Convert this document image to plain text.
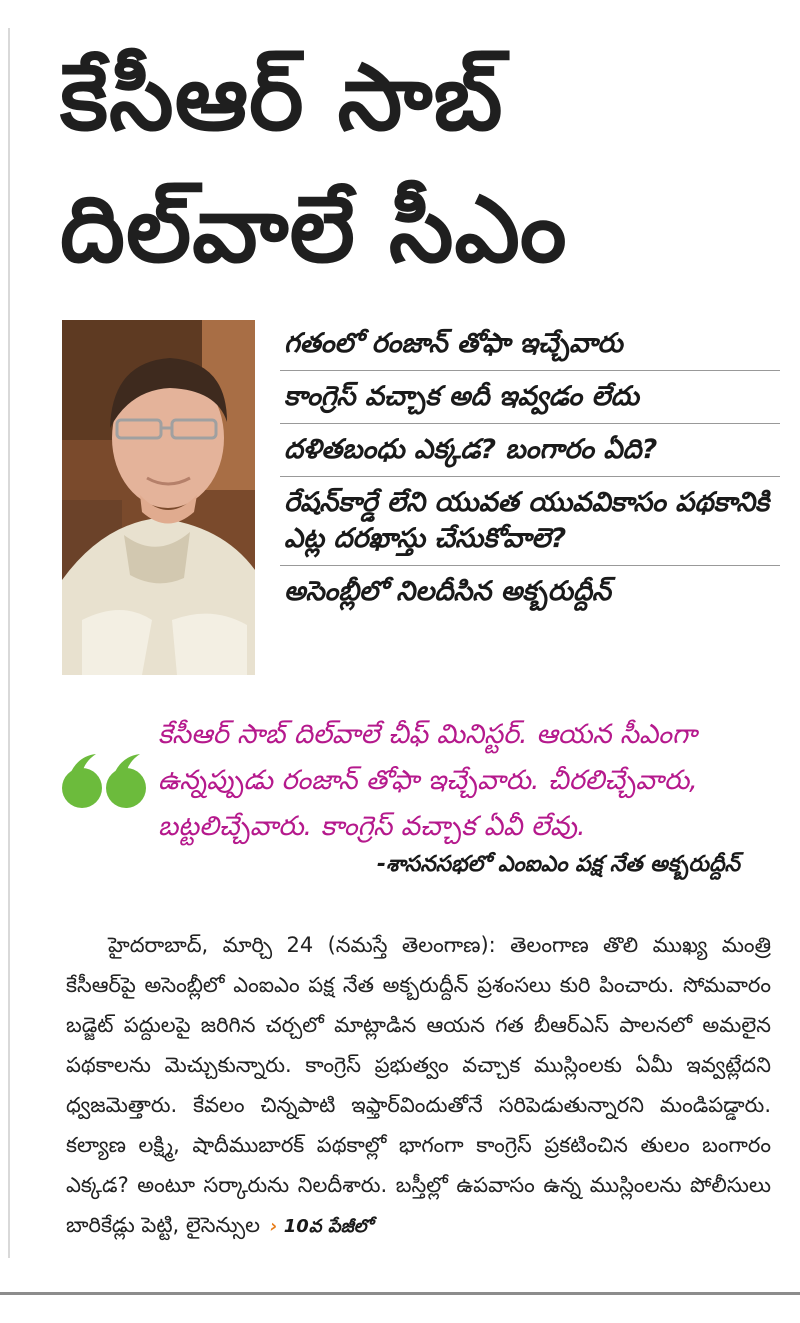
కేసీఆర్ సాబ్
దిల్‌వాలే సీఎం
గతంలో రంజాన్ తోఫా ఇచ్చేవారు
కాంగ్రెస్ వచ్చాక అదీ ఇవ్వడం లేదు
దళితబంధు ఎక్కడ? బంగారం ఏది?
రేషన్‌కార్డే లేని యువత యువవికాసం పథకానికి ఎట్ల దరఖాస్తు చేసుకోవాలె?
అసెంబ్లీలో నిలదీసిన అక్బరుద్దీన్
కేసీఆర్ సాబ్ దిల్‌వాలే చీఫ్ మినిస్టర్. ఆయన సీఎంగా ఉన్నప్పుడు రంజాన్ తోఫా ఇచ్చేవారు. చీరలిచ్చేవారు, బట్టలిచ్చేవారు. కాంగ్రెస్ వచ్చాక ఏవీ లేవు.
-శాసనసభలో ఎంఐఎం పక్ష నేత అక్బరుద్దీన్
హైదరాబాద్, మార్చి 24 (నమస్తే తెలంగాణ): తెలంగాణ తొలి ముఖ్య మంత్రి కేసీఆర్‌పై అసెంబ్లీలో ఎంఐఎం పక్ష నేత అక్బరుద్దీన్ ప్రశంసలు కురి పించారు. సోమవారం బడ్జెట్ పద్దులపై జరిగిన చర్చలో మాట్లాడిన ఆయన గత బీఆర్‌ఎస్ పాలనలో అమలైన పథకాలను మెచ్చుకున్నారు. కాంగ్రెస్ ప్రభుత్వం వచ్చాక ముస్లింలకు ఏమీ ఇవ్వట్లేదని ధ్వజమెత్తారు. కేవలం చిన్నపాటి ఇఫ్తార్‌విందుతోనే సరిపెడుతున్నారని మండిపడ్డారు. కల్యాణ లక్ష్మి, షాదీముబారక్ పథకాల్లో భాగంగా కాంగ్రెస్ ప్రకటించిన తులం బంగారం ఎక్కడ? అంటూ సర్కారును నిలదీశారు. బస్తీల్లో ఉపవాసం ఉన్న ముస్లింలను పోలీసులు బారికేడ్లు పెట్టి, లైసెన్సుల › 10వ పేజీలో
